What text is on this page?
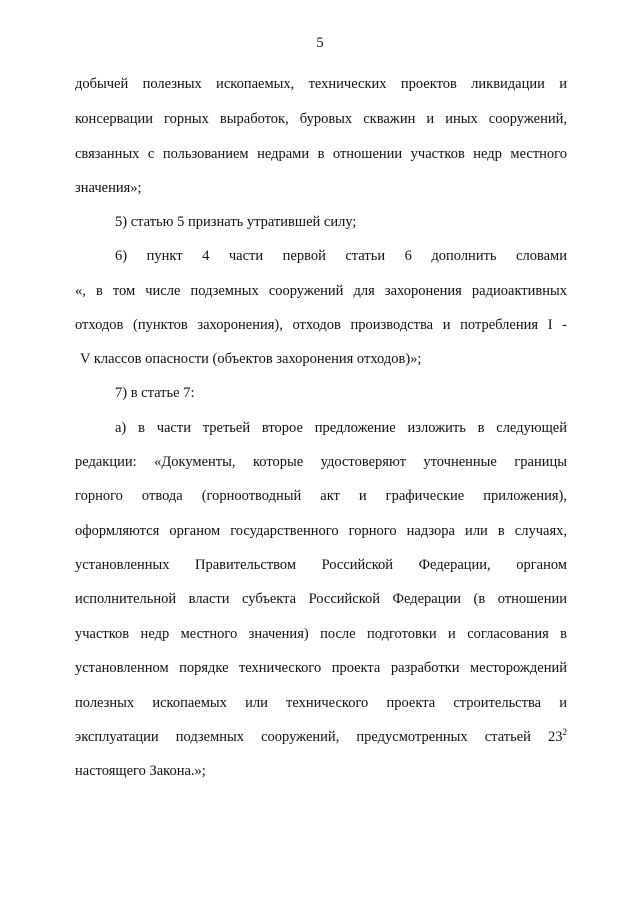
5
добычей полезных ископаемых, технических проектов ликвидации и
консервации горных выработок, буровых скважин и иных сооружений,
связанных с пользованием недрами в отношении участков недр местного
значения»;
5) статью 5 признать утратившей силу;
6) пункт 4 части первой статьи 6 дополнить словами
«, в том числе подземных сооружений для захоронения радиоактивных
отходов (пунктов захоронения), отходов производства и потребления I -
V классов опасности (объектов захоронения отходов)»;
7) в статье 7:
а) в части третьей второе предложение изложить в следующей
редакции: «Документы, которые удостоверяют уточненные границы
горного отвода (горноотводный акт и графические приложения),
оформляются органом государственного горного надзора или в случаях,
установленных Правительством Российской Федерации, органом
исполнительной власти субъекта Российской Федерации (в отношении
участков недр местного значения) после подготовки и согласования в
установленном порядке технического проекта разработки месторождений
полезных ископаемых или технического проекта строительства и
эксплуатации подземных сооружений, предусмотренных статьей $23^2$
настоящего Закона.»;
